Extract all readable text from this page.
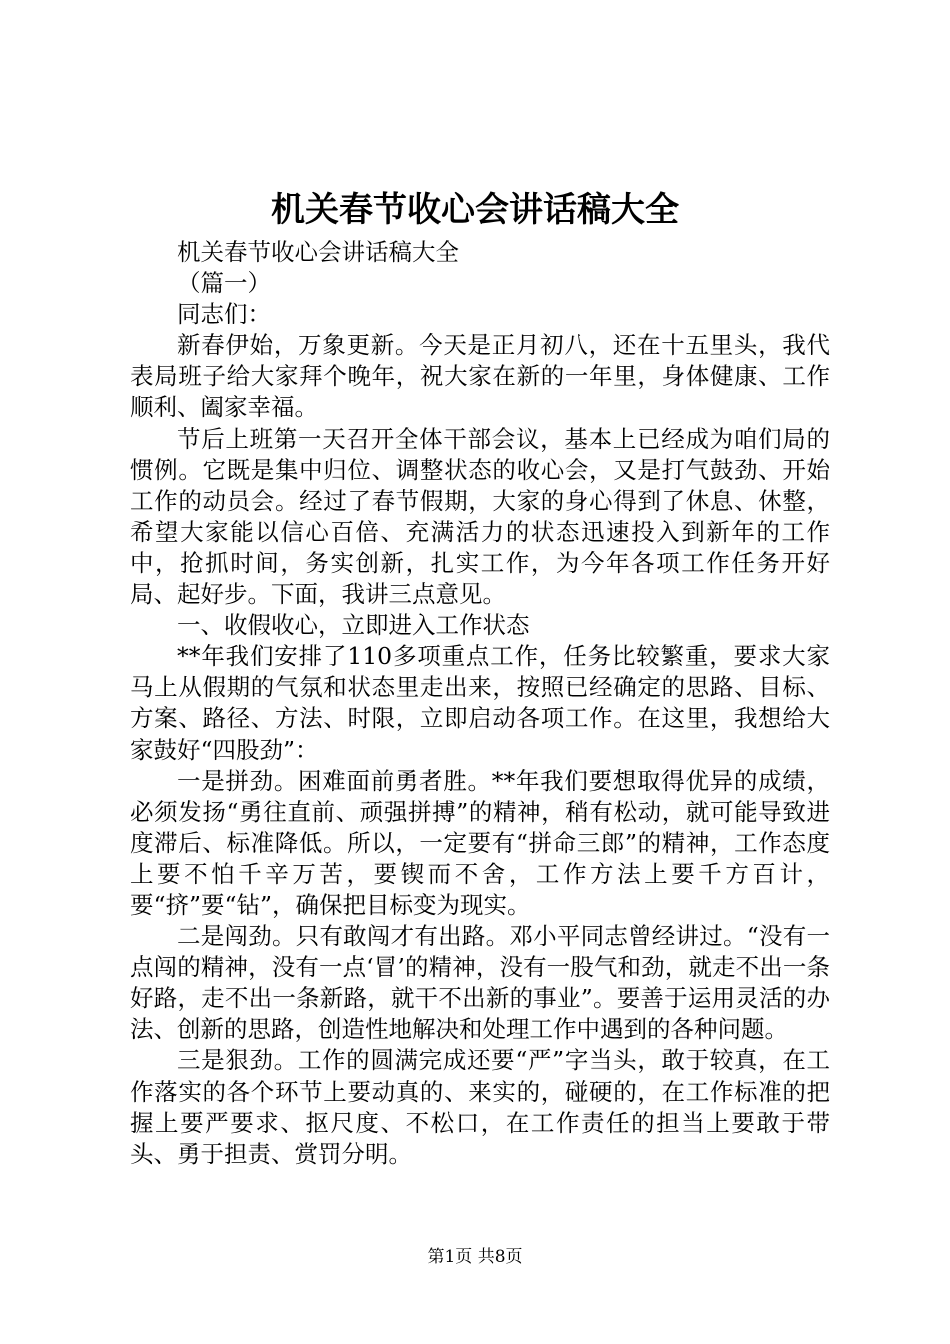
机关春节收心会讲话稿大全

机关春节收心会讲话稿大全

（篇一）

同志们：

新春伊始，万象更新。今天是正月初八，还在十五里头，我代表局班子给大家拜个晚年，祝大家在新的一年里，身体健康、工作顺利、阖家幸福。

节后上班第一天召开全体干部会议，基本上已经成为咱们局的惯例。它既是集中归位、调整状态的收心会，又是打气鼓劲、开始工作的动员会。经过了春节假期，大家的身心得到了休息、休整，希望大家能以信心百倍、充满活力的状态迅速投入到新年的工作中，抢抓时间，务实创新，扎实工作，为今年各项工作任务开好局、起好步。下面，我讲三点意见。

一、收假收心，立即进入工作状态

**年我们安排了110多项重点工作，任务比较繁重，要求大家马上从假期的气氛和状态里走出来，按照已经确定的思路、目标、方案、路径、方法、时限，立即启动各项工作。在这里，我想给大家鼓好“四股劲”：

一是拼劲。困难面前勇者胜。**年我们要想取得优异的成绩，必须发扬“勇往直前、顽强拼搏”的精神，稍有松动，就可能导致进度滞后、标准降低。所以，一定要有“拼命三郎”的精神，工作态度上要不怕千辛万苦，要锲而不舍，工作方法上要千方百计，要“挤”要“钻”，确保把目标变为现实。

二是闯劲。只有敢闯才有出路。邓小平同志曾经讲过。“没有一点闯的精神，没有一点‘冒’的精神，没有一股气和劲，就走不出一条好路，走不出一条新路，就干不出新的事业”。要善于运用灵活的办法、创新的思路，创造性地解决和处理工作中遇到的各种问题。

三是狠劲。工作的圆满完成还要“严”字当头，敢于较真，在工作落实的各个环节上要动真的、来实的，碰硬的，在工作标准的把握上要严要求、抠尺度、不松口，在工作责任的担当上要敢于带头、勇于担责、赏罚分明。

第1页 共8页
